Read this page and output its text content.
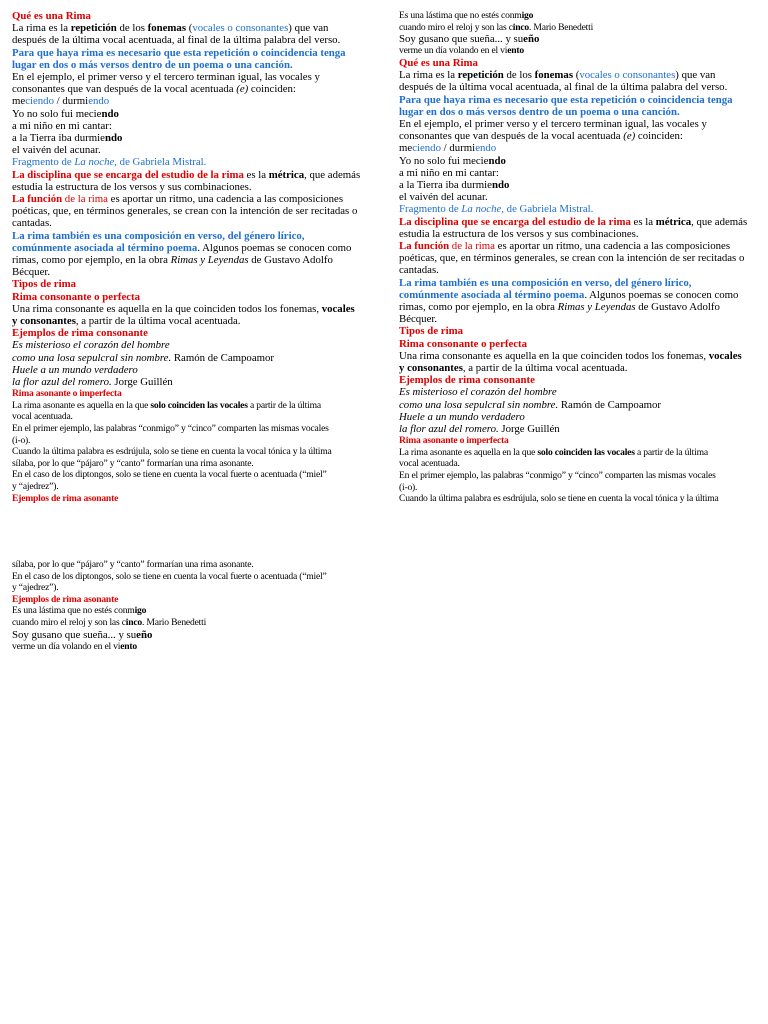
Qué es una Rima
La rima es la repetición de los fonemas (vocales o consonantes) que van
después de la última vocal acentuada, al final de la última palabra del verso.
Para que haya rima es necesario que esta repetición o coincidencia tenga
lugar en dos o más versos dentro de un poema o una canción.
En el ejemplo, el primer verso y el tercero terminan igual, las vocales y
consonantes que van después de la vocal acentuada (e) coinciden:
meciendo / durmiendo
Yo no solo fui meciendo
a mi niño en mi cantar:
a la Tierra iba durmiendo
el vaivén del acunar.
Fragmento de La noche, de Gabriela Mistral.
La disciplina que se encarga del estudio de la rima es la métrica, que además
estudia la estructura de los versos y sus combinaciones.
La función de la rima es aportar un ritmo, una cadencia a las composiciones
poéticas, que, en términos generales, se crean con la intención de ser recitadas o
cantadas.
La rima también es una composición en verso, del género lírico,
comúnmente asociada al término poema. Algunos poemas se conocen como
rimas, como por ejemplo, en la obra Rimas y Leyendas de Gustavo Adolfo
Bécquer.
Tipos de rima
Rima consonante o perfecta
Una rima consonante es aquella en la que coinciden todos los fonemas, vocales
y consonantes, a partir de la última vocal acentuada.
Ejemplos de rima consonante
Es misterioso el corazón del hombre
como una losa sepulcral sin nombre. Ramón de Campoamor
Huele a un mundo verdadero
la flor azul del romero. Jorge Guillén
Rima asonante o imperfecta
La rima asonante es aquella en la que solo coinciden las vocales a partir de la última
vocal acentuada.
En el primer ejemplo, las palabras “conmigo” y “cinco” comparten las mismas vocales
(i-o).
Cuando la última palabra es esdrújula, solo se tiene en cuenta la vocal tónica y la última
sílaba, por lo que “pájaro” y “canto” formarían una rima asonante.
En el caso de los diptongos, solo se tiene en cuenta la vocal fuerte o acentuada (“miel”
y “ajedrez”).
Ejemplos de rima asonante
sílaba, por lo que “pájaro” y “canto” formarían una rima asonante.
En el caso de los diptongos, solo se tiene en cuenta la vocal fuerte o acentuada (“miel”
y “ajedrez”).
Ejemplos de rima asonante
Es una lástima que no estés conmigo
cuando miro el reloj y son las cinco. Mario Benedetti
Soy gusano que sueña... y sueño
verme un día volando en el viento
Es una lástima que no estés conmigo
cuando miro el reloj y son las cinco. Mario Benedetti
Soy gusano que sueña... y sueño
verme un día volando en el viento
Qué es una Rima
La rima es la repetición de los fonemas (vocales o consonantes) que van
después de la última vocal acentuada, al final de la última palabra del verso.
Para que haya rima es necesario que esta repetición o coincidencia tenga
lugar en dos o más versos dentro de un poema o una canción.
En el ejemplo, el primer verso y el tercero terminan igual, las vocales y
consonantes que van después de la vocal acentuada (e) coinciden:
meciendo / durmiendo
Yo no solo fui meciendo
a mi niño en mi cantar:
a la Tierra iba durmiendo
el vaivén del acunar.
Fragmento de La noche, de Gabriela Mistral.
La disciplina que se encarga del estudio de la rima es la métrica, que además
estudia la estructura de los versos y sus combinaciones.
La función de la rima es aportar un ritmo, una cadencia a las composiciones
poéticas, que, en términos generales, se crean con la intención de ser recitadas o
cantadas.
La rima también es una composición en verso, del género lírico,
comúnmente asociada al término poema. Algunos poemas se conocen como
rimas, como por ejemplo, en la obra Rimas y Leyendas de Gustavo Adolfo
Bécquer.
Tipos de rima
Rima consonante o perfecta
Una rima consonante es aquella en la que coinciden todos los fonemas, vocales
y consonantes, a partir de la última vocal acentuada.
Ejemplos de rima consonante
Es misterioso el corazón del hombre
como una losa sepulcral sin nombre. Ramón de Campoamor
Huele a un mundo verdadero
la flor azul del romero. Jorge Guillén
Rima asonante o imperfecta
La rima asonante es aquella en la que solo coinciden las vocales a partir de la última
vocal acentuada.
En el primer ejemplo, las palabras “conmigo” y “cinco” comparten las mismas vocales
(i-o).
Cuando la última palabra es esdrújula, solo se tiene en cuenta la vocal tónica y la última
